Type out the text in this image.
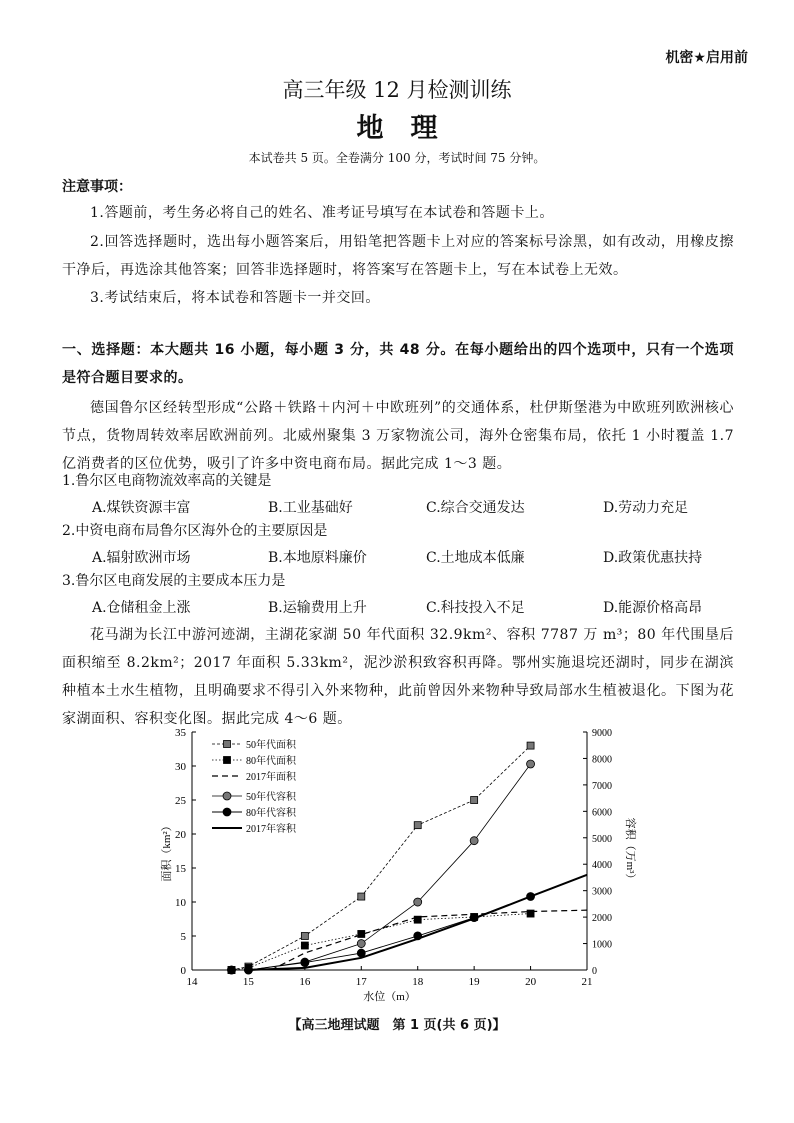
机密★启用前
高三年级 12 月检测训练
地　理
本试卷共 5 页。全卷满分 100 分，考试时间 75 分钟。
注意事项：
1.答题前，考生务必将自己的姓名、准考证号填写在本试卷和答题卡上。
2.回答选择题时，选出每小题答案后，用铅笔把答题卡上对应的答案标号涂黑，如有改动，用橡皮擦干净后，再选涂其他答案；回答非选择题时，将答案写在答题卡上，写在本试卷上无效。
3.考试结束后，将本试卷和答题卡一并交回。
一、选择题：本大题共 16 小题，每小题 3 分，共 48 分。在每小题给出的四个选项中，只有一个选项是符合题目要求的。
德国鲁尔区经转型形成“公路＋铁路＋内河＋中欧班列”的交通体系，杜伊斯堡港为中欧班列欧洲核心节点，货物周转效率居欧洲前列。北威州聚集 3 万家物流公司，海外仓密集布局，依托 1 小时覆盖 1.7 亿消费者的区位优势，吸引了许多中资电商布局。据此完成 1～3 题。
1.鲁尔区电商物流效率高的关键是
A.煤铁资源丰富	B.工业基础好	C.综合交通发达	D.劳动力充足
2.中资电商布局鲁尔区海外仓的主要原因是
A.辐射欧洲市场	B.本地原料廉价	C.土地成本低廉	D.政策优惠扶持
3.鲁尔区电商发展的主要成本压力是
A.仓储租金上涨	B.运输费用上升	C.科技投入不足	D.能源价格高昂
花马湖为长江中游河迹湖，主湖花家湖 50 年代面积 32.9km²、容积 7787 万 m³；80 年代围垦后面积缩至 8.2km²；2017 年面积 5.33km²，泥沙淤积致容积再降。鄂州实施退垸还湖时，同步在湖滨种植本土水生植物，且明确要求不得引入外来物种，此前曾因外来物种导致局部水生植被退化。下图为花家湖面积、容积变化图。据此完成 4～6 题。
14	15	16	17	18	19	20	21
0
5
10
15
20
25
30
35
0
1000
2000
3000
4000
5000
6000
7000
8000
9000
水位（m）
面积（km²）	容积（万m³）
50年代面积
80年代面积
2017年面积
50年代容积
80年代容积
2017年容积
【高三地理试题　第 1 页(共 6 页)】
